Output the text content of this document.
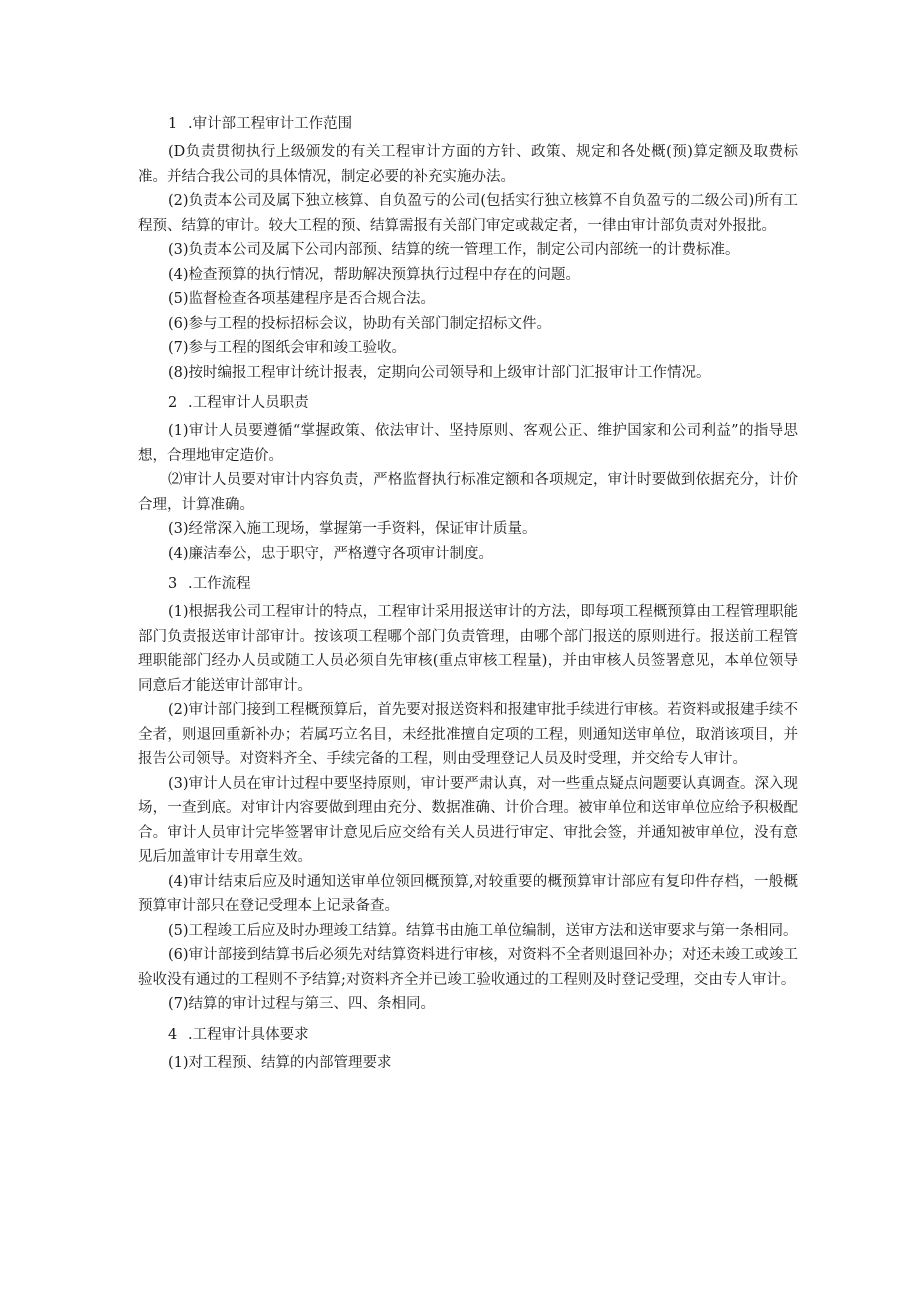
1 .审计部工程审计工作范围

(D负责贯彻执行上级颁发的有关工程审计方面的方针、政策、规定和各处概(预)算定额及取费标准。并结合我公司的具体情况，制定必要的补充实施办法。

(2)负责本公司及属下独立核算、自负盈亏的公司(包括实行独立核算不自负盈亏的二级公司)所有工程预、结算的审计。较大工程的预、结算需报有关部门审定或裁定者，一律由审计部负责对外报批。

(3)负责本公司及属下公司内部预、结算的统一管理工作，制定公司内部统一的计费标准。

(4)检查预算的执行情况，帮助解决预算执行过程中存在的问题。

(5)监督检查各项基建程序是否合规合法。

(6)参与工程的投标招标会议，协助有关部门制定招标文件。

(7)参与工程的图纸会审和竣工验收。

(8)按时编报工程审计统计报表，定期向公司领导和上级审计部门汇报审计工作情况。

2 .工程审计人员职责

(1)审计人员要遵循“掌握政策、依法审计、坚持原则、客观公正、维护国家和公司利益”的指导思想，合理地审定造价。

⑵审计人员要对审计内容负责，严格监督执行标准定额和各项规定，审计时要做到依据充分，计价合理，计算准确。

(3)经常深入施工现场，掌握第一手资料，保证审计质量。

(4)廉洁奉公，忠于职守，严格遵守各项审计制度。

3 .工作流程

(1)根据我公司工程审计的特点，工程审计采用报送审计的方法，即每项工程概预算由工程管理职能部门负责报送审计部审计。按该项工程哪个部门负责管理，由哪个部门报送的原则进行。报送前工程管理职能部门经办人员或随工人员必须自先审核(重点审核工程量)，并由审核人员签署意见，本单位领导同意后才能送审计部审计。

(2)审计部门接到工程概预算后，首先要对报送资料和报建审批手续进行审核。若资料或报建手续不全者，则退回重新补办；若属巧立名目，未经批准擅自定项的工程，则通知送审单位，取消该项目，并报告公司领导。对资料齐全、手续完备的工程，则由受理登记人员及时受理，并交给专人审计。

(3)审计人员在审计过程中要坚持原则，审计要严肃认真，对一些重点疑点问题要认真调查。深入现场，一查到底。对审计内容要做到理由充分、数据准确、计价合理。被审单位和送审单位应给予积极配合。审计人员审计完毕签署审计意见后应交给有关人员进行审定、审批会签，并通知被审单位，没有意见后加盖审计专用章生效。

(4)审计结束后应及时通知送审单位领回概预算,对较重要的概预算审计部应有复印件存档，一般概预算审计部只在登记受理本上记录备查。

(5)工程竣工后应及时办理竣工结算。结算书由施工单位编制，送审方法和送审要求与第一条相同。

(6)审计部接到结算书后必须先对结算资料进行审核，对资料不全者则退回补办；对还未竣工或竣工验收没有通过的工程则不予结算;对资料齐全并已竣工验收通过的工程则及时登记受理，交由专人审计。

(7)结算的审计过程与第三、四、条相同。

4 .工程审计具体要求

(1)对工程预、结算的内部管理要求
